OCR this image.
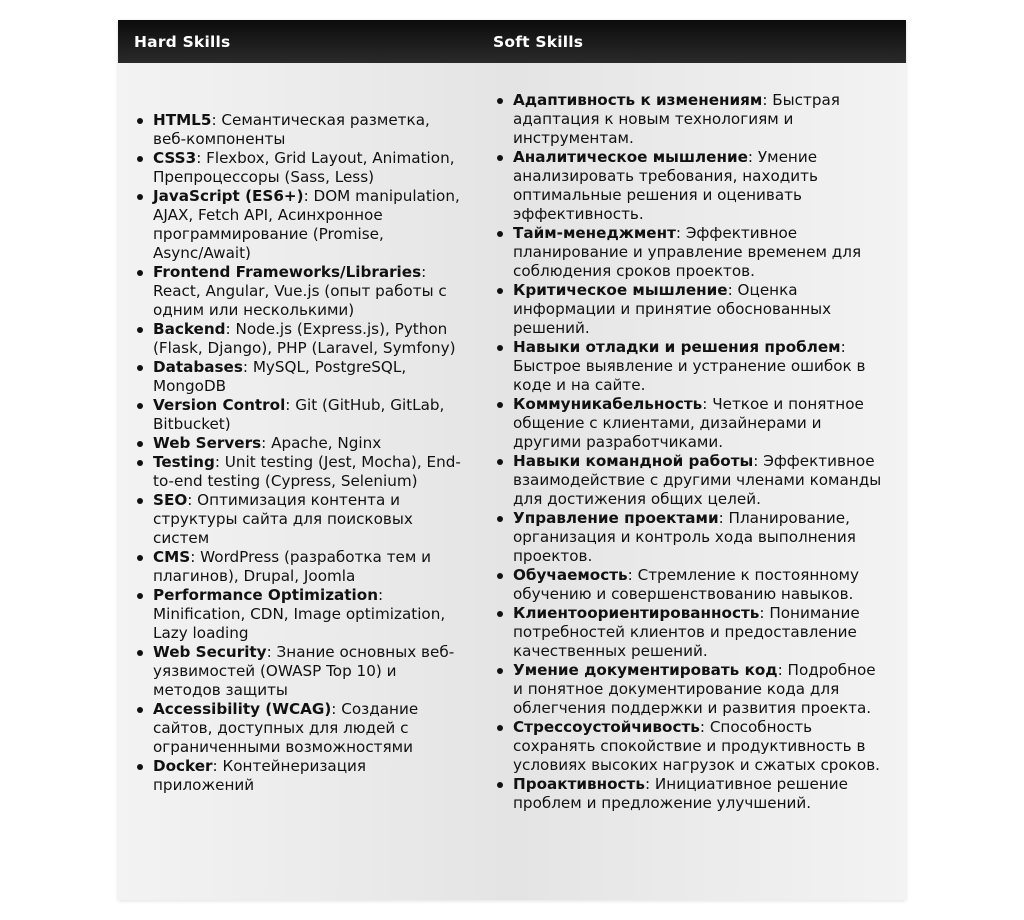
Hard Skills	Soft Skills
HTML5: Семантическая разметка, веб-компоненты
CSS3: Flexbox, Grid Layout, Animation, Препроцессоры (Sass, Less)
JavaScript (ES6+): DOM manipulation, AJAX, Fetch API, Асинхронное программирование (Promise, Async/Await)
Frontend Frameworks/Libraries: React, Angular, Vue.js (опыт работы с одним или несколькими)
Backend: Node.js (Express.js), Python (Flask, Django), PHP (Laravel, Symfony)
Databases: MySQL, PostgreSQL, MongoDB
Version Control: Git (GitHub, GitLab, Bitbucket)
Web Servers: Apache, Nginx
Testing: Unit testing (Jest, Mocha), End-to-end testing (Cypress, Selenium)
SEO: Оптимизация контента и структуры сайта для поисковых систем
CMS: WordPress (разработка тем и плагинов), Drupal, Joomla
Performance Optimization: Minification, CDN, Image optimization, Lazy loading
Web Security: Знание основных веб-уязвимостей (OWASP Top 10) и методов защиты
Accessibility (WCAG): Создание сайтов, доступных для людей с ограниченными возможностями
Docker: Контейнеризация приложений
Адаптивность к изменениям: Быстрая адаптация к новым технологиям и инструментам.
Аналитическое мышление: Умение анализировать требования, находить оптимальные решения и оценивать эффективность.
Тайм-менеджмент: Эффективное планирование и управление временем для соблюдения сроков проектов.
Критическое мышление: Оценка информации и принятие обоснованных решений.
Навыки отладки и решения проблем: Быстрое выявление и устранение ошибок в коде и на сайте.
Коммуникабельность: Четкое и понятное общение с клиентами, дизайнерами и другими разработчиками.
Навыки командной работы: Эффективное взаимодействие с другими членами команды для достижения общих целей.
Управление проектами: Планирование, организация и контроль хода выполнения проектов.
Обучаемость: Стремление к постоянному обучению и совершенствованию навыков.
Клиентоориентированность: Понимание потребностей клиентов и предоставление качественных решений.
Умение документировать код: Подробное и понятное документирование кода для облегчения поддержки и развития проекта.
Стрессоустойчивость: Способность сохранять спокойствие и продуктивность в условиях высоких нагрузок и сжатых сроков.
Проактивность: Инициативное решение проблем и предложение улучшений.
